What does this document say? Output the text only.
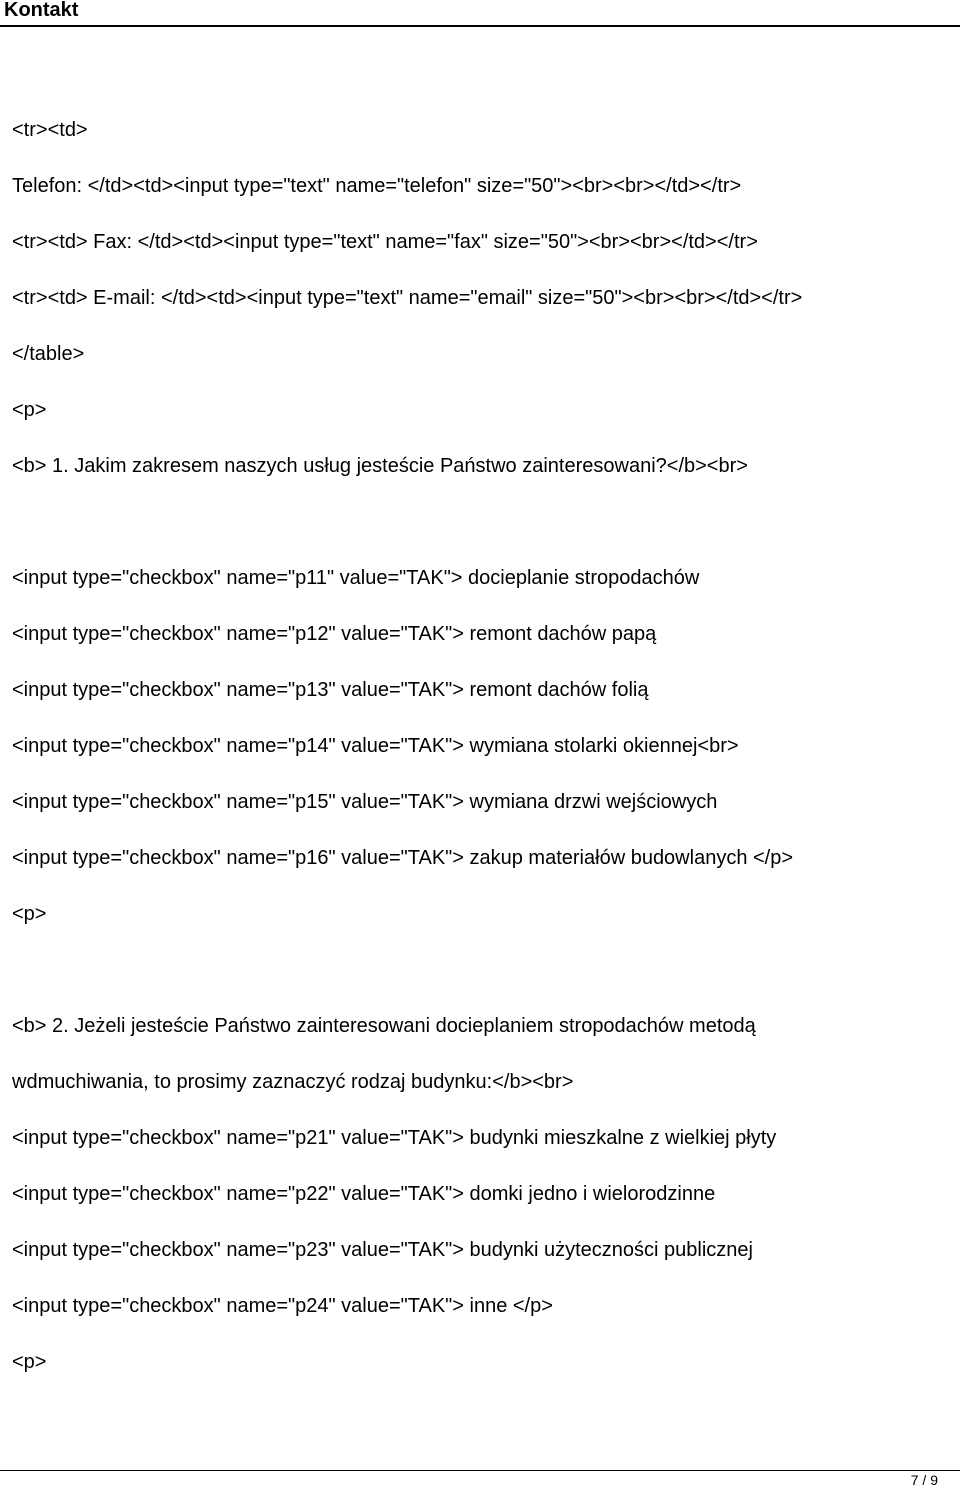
Kontakt
<tr><td>
Telefon: </td><td><input type="text" name="telefon" size="50"><br><br></td></tr>
<tr><td> Fax: </td><td><input type="text" name="fax" size="50"><br><br></td></tr>
<tr><td> E-mail: </td><td><input type="text" name="email" size="50"><br><br></td></tr>
</table>
<p>
<b> 1. Jakim zakresem naszych usług jesteście Państwo zainteresowani?</b><br>
<input type="checkbox" name="p11" value="TAK"> docieplanie stropodachów
<input type="checkbox" name="p12" value="TAK"> remont dachów papą
<input type="checkbox" name="p13" value="TAK"> remont dachów folią
<input type="checkbox" name="p14" value="TAK"> wymiana stolarki okiennej<br>
<input type="checkbox" name="p15" value="TAK"> wymiana drzwi wejściowych
<input type="checkbox" name="p16" value="TAK"> zakup materiałów budowlanych </p>
<p>
<b> 2. Jeżeli jesteście Państwo zainteresowani docieplaniem stropodachów metodą
wdmuchiwania, to prosimy zaznaczyć rodzaj budynku:</b><br>
<input type="checkbox" name="p21" value="TAK"> budynki mieszkalne z wielkiej płyty
<input type="checkbox" name="p22" value="TAK"> domki jedno i wielorodzinne
<input type="checkbox" name="p23" value="TAK"> budynki użyteczności publicznej
<input type="checkbox" name="p24" value="TAK"> inne </p>
<p>
7 / 9
